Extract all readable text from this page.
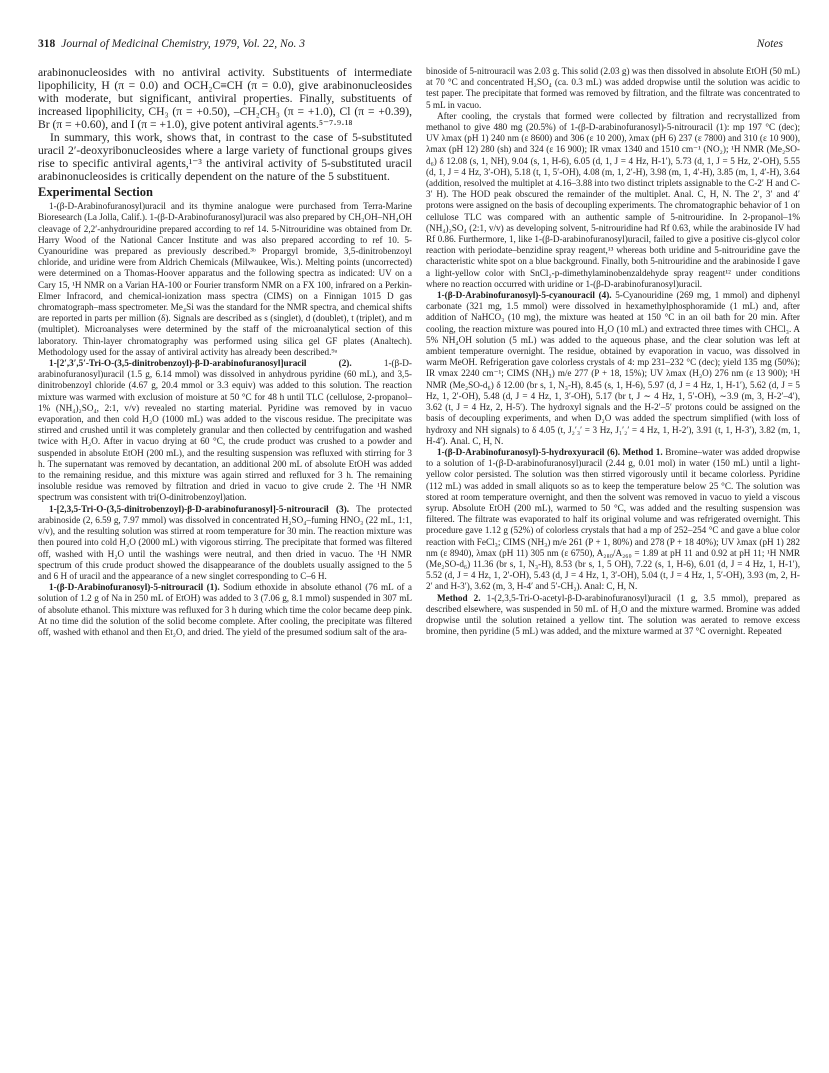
318 Journal of Medicinal Chemistry, 1979, Vol. 22, No. 3	Notes

arabinonucleosides with no antiviral activity. Substituents of intermediate lipophilicity, H (π = 0.0) and OCH₂C≡CH (π = 0.0), give arabinonucleosides with moderate, but significant, antiviral properties. Finally, substituents of increased lipophilicity, CH₃ (π = +0.50), –CH₂CH₃ (π = +1.0), Cl (π = +0.39), Br (π = +0.60), and I (π = +1.0), give potent antiviral agents.⁵⁻⁷·⁹·¹⁸

In summary, this work, shows that, in contrast to the case of 5-substituted uracil 2′-deoxyribonucleosides where a large variety of functional groups gives rise to specific antiviral agents,¹⁻³ the antiviral activity of 5-substituted uracil arabinonucleosides is critically dependent on the nature of the 5 substituent.

Experimental Section

1-(β-D-Arabinofuranosyl)uracil and its thymine analogue were purchased from Terra-Marine Bioresearch (La Jolla, Calif.). 1-(β-D-Arabinofuranosyl)uracil was also prepared by CH₃OH–NH₄OH cleavage of 2,2′-anhydrouridine prepared according to ref 14. 5-Nitrouridine was obtained from Dr. Harry Wood of the National Cancer Institute and was also prepared according to ref 10. 5-Cyanouridine was prepared as previously described.³ᵇ Propargyl bromide, 3,5-dinitrobenzoyl chloride, and uridine were from Aldrich Chemicals (Milwaukee, Wis.). Melting points (uncorrected) were determined on a Thomas-Hoover apparatus and the following spectra as indicated: UV on a Cary 15, ¹H NMR on a Varian HA-100 or Fourier transform NMR on a FX 100, infrared on a Perkin-Elmer Infracord, and chemical-ionization mass spectra (CIMS) on a Finnigan 1015 D gas chromatograph–mass spectrometer. Me₄Si was the standard for the NMR spectra, and chemical shifts are reported in parts per million (δ). Signals are described as s (singlet), d (doublet), t (triplet), and m (multiplet). Microanalyses were determined by the staff of the microanalytical section of this laboratory. Thin-layer chromatography was performed using silica gel GF plates (Analtech). Methodology used for the assay of antiviral activity has already been described.⁹ᵃ

1-[2′,3′,5′-Tri-O-(3,5-dinitrobenzoyl)-β-D-arabinofuranosyl]uracil (2). 1-(β-D-arabinofuranosyl)uracil (1.5 g, 6.14 mmol) was dissolved in anhydrous pyridine (60 mL), and 3,5-dinitrobenzoyl chloride (4.67 g, 20.4 mmol or 3.3 equiv) was added to this solution. The reaction mixture was warmed with exclusion of moisture at 50 °C for 48 h until TLC (cellulose, 2-propanol–1% (NH₄)₂SO₄, 2:1, v/v) revealed no starting material. Pyridine was removed by in vacuo evaporation, and then cold H₂O (1000 mL) was added to the viscous residue. The precipitate was stirred and crushed until it was completely granular and then collected by centrifugation and washed twice with H₂O. After in vacuo drying at 60 °C, the crude product was crushed to a powder and suspended in absolute EtOH (200 mL), and the resulting suspension was refluxed with stirring for 3 h. The supernatant was removed by decantation, an additional 200 mL of absolute EtOH was added to the remaining residue, and this mixture was again stirred and refluxed for 3 h. The remaining insoluble residue was removed by filtration and dried in vacuo to give crude 2. The ¹H NMR spectrum was consistent with tri(O-dinitrobenzoyl)ation.

1-[2,3,5-Tri-O-(3,5-dinitrobenzoyl)-β-D-arabinofuranosyl]-5-nitrouracil (3). The protected arabinoside (2, 6.59 g, 7.97 mmol) was dissolved in concentrated H₂SO₄–fuming HNO₃ (22 mL, 1:1, v/v), and the resulting solution was stirred at room temperature for 30 min. The reaction mixture was then poured into cold H₂O (2000 mL) with vigorous stirring. The precipitate that formed was filtered off, washed with H₂O until the washings were neutral, and then dried in vacuo. The ¹H NMR spectrum of this crude product showed the disappearance of the doublets usually assigned to the 5 and 6 H of uracil and the appearance of a new singlet corresponding to C–6 H.

1-(β-D-Arabinofuranosyl)-5-nitrouracil (1). Sodium ethoxide in absolute ethanol (76 mL of a solution of 1.2 g of Na in 250 mL of EtOH) was added to 3 (7.06 g, 8.1 mmol) suspended in 307 mL of absolute ethanol. This mixture was refluxed for 3 h during which time the color became deep pink. At no time did the solution of the solid become complete. After cooling, the precipitate was filtered off, washed with ethanol and then Et₂O, and dried. The yield of the presumed sodium salt of the ara-

binoside of 5-nitrouracil was 2.03 g. This solid (2.03 g) was then dissolved in absolute EtOH (50 mL) at 70 °C and concentrated H₂SO₄ (ca. 0.3 mL) was added dropwise until the solution was acidic to test paper. The precipitate that formed was removed by filtration, and the filtrate was concentrated to 5 mL in vacuo.

After cooling, the crystals that formed were collected by filtration and recrystallized from methanol to give 480 mg (20.5%) of 1-(β-D-arabinofuranosyl)-5-nitrouracil (1): mp 197 °C (dec); UV λmax (pH 1) 240 nm (ε 8600) and 306 (ε 10 200), λmax (pH 6) 237 (ε 7800) and 310 (ε 10 900), λmax (pH 12) 280 (sh) and 324 (ε 16 900); IR νmax 1340 and 1510 cm⁻¹ (NO₂); ¹H NMR (Me₂SO-d₆) δ 12.08 (s, 1, NH), 9.04 (s, 1, H-6), 6.05 (d, 1, J = 4 Hz, H-1′), 5.73 (d, 1, J = 5 Hz, 2′-OH), 5.55 (d, 1, J = 4 Hz, 3′-OH), 5.18 (t, 1, 5′-OH), 4.08 (m, 1, 2′-H), 3.98 (m, 1, 4′-H), 3.85 (m, 1, 4′-H), 3.64 (addition, resolved the multiplet at 4.16–3.88 into two distinct triplets assignable to the C-2′ H and C-3′ H). The HOD peak obscured the remainder of the multiplet. Anal. C, H, N. The 2′, 3′ and 4′ protons were assigned on the basis of decoupling experiments. The chromatographic behavior of 1 on cellulose TLC was compared with an authentic sample of 5-nitrouridine. In 2-propanol–1% (NH₄)₂SO₄ (2:1, v/v) as developing solvent, 5-nitrouridine had Rf 0.63, while the arabinoside IV had Rf 0.86. Furthermore, 1, like 1-(β-D-arabinofuranosyl)uracil, failed to give a positive cis-glycol color reaction with periodate–benzidine spray reagent,¹³ whereas both uridine and 5-nitrouridine gave the characteristic white spot on a blue background. Finally, both 5-nitrouridine and the arabinoside I gave a light-yellow color with SnCl₂-p-dimethylaminobenzaldehyde spray reagent¹² under conditions where no reaction occurred with uridine or 1-(β-D-arabinofuranosyl)uracil.

1-(β-D-Arabinofuranosyl)-5-cyanouracil (4). 5-Cyanouridine (269 mg, 1 mmol) and diphenyl carbonate (321 mg, 1.5 mmol) were dissolved in hexamethylphosphoramide (1 mL) and, after addition of NaHCO₃ (10 mg), the mixture was heated at 150 °C in an oil bath for 20 min. After cooling, the reaction mixture was poured into H₂O (10 mL) and extracted three times with CHCl₃. A 5% NH₄OH solution (5 mL) was added to the aqueous phase, and the clear solution was left at ambient temperature overnight. The residue, obtained by evaporation in vacuo, was dissolved in warm MeOH. Refrigeration gave colorless crystals of 4: mp 231–232 °C (dec); yield 135 mg (50%); IR νmax 2240 cm⁻¹; CIMS (NH₃) m/e 277 (P + 18, 15%); UV λmax (H₂O) 276 nm (ε 13 900); ¹H NMR (Me₂SO-d₆) δ 12.00 (br s, 1, N₃-H), 8.45 (s, 1, H-6), 5.97 (d, J = 4 Hz, 1, H-1′), 5.62 (d, J = 5 Hz, 1, 2′-OH), 5.48 (d, J = 4 Hz, 1, 3′-OH), 5.17 (br t, J ∼ 4 Hz, 1, 5′-OH), ∼3.9 (m, 3, H-2′–4′), 3.62 (t, J = 4 Hz, 2, H-5′). The hydroxyl signals and the H-2′–5′ protons could be assigned on the basis of decoupling experiments, and when D₂O was added the spectrum simplified (with loss of hydroxy and NH signals) to δ 4.05 (t, J₂′₃′ = 3 Hz, J₁′₂′ = 4 Hz, 1, H-2′), 3.91 (t, 1, H-3′), 3.82 (m, 1, H-4′). Anal. C, H, N.

1-(β-D-Arabinofuranosyl)-5-hydroxyuracil (6). Method 1. Bromine–water was added dropwise to a solution of 1-(β-D-arabinofuranosyl)uracil (2.44 g, 0.01 mol) in water (150 mL) until a light-yellow color persisted. The solution was then stirred vigorously until it became colorless. Pyridine (112 mL) was added in small aliquots so as to keep the temperature below 25 °C. The solution was stored at room temperature overnight, and then the solvent was removed in vacuo to yield a viscous syrup. Absolute EtOH (200 mL), warmed to 50 °C, was added and the resulting suspension was filtered. The filtrate was evaporated to half its original volume and was refrigerated overnight. This procedure gave 1.12 g (52%) of colorless crystals that had a mp of 252–254 °C and gave a blue color reaction with FeCl₃; CIMS (NH₃) m/e 261 (P + 1, 80%) and 278 (P + 18 40%); UV λmax (pH 1) 282 nm (ε 8940), λmax (pH 11) 305 nm (ε 6750), A₂₈₀/A₂₆₀ = 1.89 at pH 11 and 0.92 at pH 11; ¹H NMR (Me₂SO-d₆) 11.36 (br s, 1, N₃-H), 8.53 (br s, 1, 5 OH), 7.22 (s, 1, H-6), 6.01 (d, J = 4 Hz, 1, H-1′), 5.52 (d, J = 4 Hz, 1, 2′-OH), 5.43 (d, J = 4 Hz, 1, 3′-OH), 5.04 (t, J = 4 Hz, 1, 5′-OH), 3.93 (m, 2, H-2′ and H-3′), 3.62 (m, 3, H-4′ and 5′-CH₂). Anal: C, H, N.

Method 2. 1-(2,3,5-Tri-O-acetyl-β-D-arabinofuranosyl)uracil (1 g, 3.5 mmol), prepared as described elsewhere, was suspended in 50 mL of H₂O and the mixture warmed. Bromine was added dropwise until the solution retained a yellow tint. The solution was aerated to remove excess bromine, then pyridine (5 mL) was added, and the mixture warmed at 37 °C overnight. Repeated
